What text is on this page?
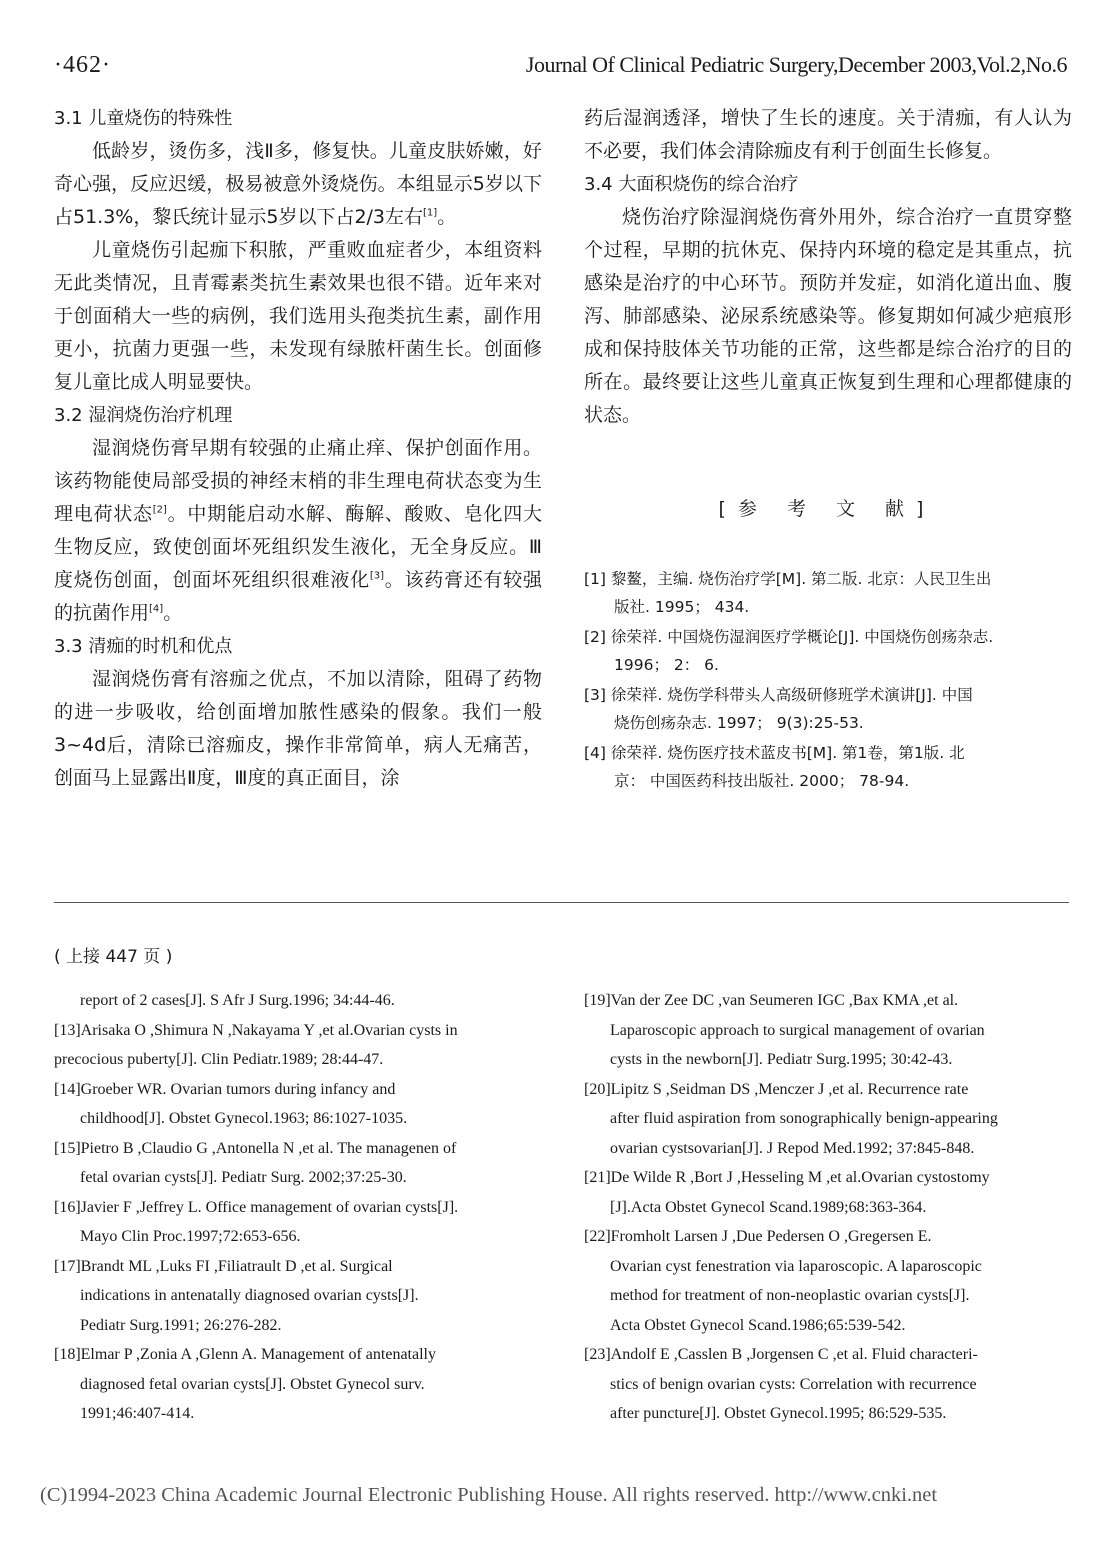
·462·	Journal Of Clinical Pediatric Surgery,December 2003,Vol.2,No.6

3.1 儿童烧伤的特殊性

低龄岁，烫伤多，浅Ⅱ多，修复快。儿童皮肤娇嫩，好奇心强，反应迟缓，极易被意外烫烧伤。本组显示5岁以下占51.3%，黎氏统计显示5岁以下占2/3左右[1]。

儿童烧伤引起痂下积脓，严重败血症者少，本组资料无此类情况，且青霉素类抗生素效果也很不错。近年来对于创面稍大一些的病例，我们选用头孢类抗生素，副作用更小，抗菌力更强一些，未发现有绿脓杆菌生长。创面修复儿童比成人明显要快。

3.2 湿润烧伤治疗机理

湿润烧伤膏早期有较强的止痛止痒、保护创面作用。该药物能使局部受损的神经末梢的非生理电荷状态变为生理电荷状态[2]。中期能启动水解、酶解、酸败、皂化四大生物反应，致使创面坏死组织发生液化，无全身反应。Ⅲ度烧伤创面，创面坏死组织很难液化[3]。该药膏还有较强的抗菌作用[4]。

3.3 清痂的时机和优点

湿润烧伤膏有溶痂之优点，不加以清除，阻碍了药物的进一步吸收，给创面增加脓性感染的假象。我们一般3~4d后，清除已溶痂皮，操作非常简单，病人无痛苦，创面马上显露出Ⅱ度，Ⅲ度的真正面目，涂

药后湿润透泽，增快了生长的速度。关于清痂，有人认为不必要，我们体会清除痂皮有利于创面生长修复。

3.4 大面积烧伤的综合治疗

烧伤治疗除湿润烧伤膏外用外，综合治疗一直贯穿整个过程，早期的抗休克、保持内环境的稳定是其重点，抗感染是治疗的中心环节。预防并发症，如消化道出血、腹泻、肺部感染、泌尿系统感染等。修复期如何减少疤痕形成和保持肢体关节功能的正常，这些都是综合治疗的目的所在。最终要让这些儿童真正恢复到生理和心理都健康的状态。

[参 考 文 献]
[1] 黎鳌，主编. 烧伤治疗学[M]. 第二版. 北京：人民卫生出
版社. 1995； 434.
[2] 徐荣祥. 中国烧伤湿润医疗学概论[J]. 中国烧伤创疡杂志.
1996； 2： 6.
[3] 徐荣祥. 烧伤学科带头人高级研修班学术演讲[J]. 中国
烧伤创疡杂志. 1997； 9(3):25-53.
[4] 徐荣祥. 烧伤医疗技术蓝皮书[M]. 第1卷，第1版. 北
京： 中国医药科技出版社. 2000； 78-94.
( 上接 447 页 )
report of 2 cases[J]. S Afr J Surg.1996; 34:44-46.
[13]Arisaka O ,Shimura N ,Nakayama Y ,et al.Ovarian cysts in
precocious puberty[J]. Clin Pediatr.1989; 28:44-47.
[14]Groeber WR. Ovarian tumors during infancy and
childhood[J]. Obstet Gynecol.1963; 86:1027-1035.
[15]Pietro B ,Claudio G ,Antonella N ,et al. The managenen of
fetal ovarian cysts[J]. Pediatr Surg. 2002;37:25-30.
[16]Javier F ,Jeffrey L. Office management of ovarian cysts[J].
Mayo Clin Proc.1997;72:653-656.
[17]Brandt ML ,Luks FI ,Filiatrault D ,et al. Surgical
indications in antenatally diagnosed ovarian cysts[J].
Pediatr Surg.1991; 26:276-282.
[18]Elmar P ,Zonia A ,Glenn A. Management of antenatally
diagnosed fetal ovarian cysts[J]. Obstet Gynecol surv.
1991;46:407-414.
[19]Van der Zee DC ,van Seumeren IGC ,Bax KMA ,et al.
Laparoscopic approach to surgical management of ovarian
cysts in the newborn[J]. Pediatr Surg.1995; 30:42-43.
[20]Lipitz S ,Seidman DS ,Menczer J ,et al. Recurrence rate
after fluid aspiration from sonographically benign-appearing
ovarian cystsovarian[J]. J Repod Med.1992; 37:845-848.
[21]De Wilde R ,Bort J ,Hesseling M ,et al.Ovarian cystostomy
[J].Acta Obstet Gynecol Scand.1989;68:363-364.
[22]Fromholt Larsen J ,Due Pedersen O ,Gregersen E.
Ovarian cyst fenestration via laparoscopic. A laparoscopic
method for treatment of non-neoplastic ovarian cysts[J].
Acta Obstet Gynecol Scand.1986;65:539-542.
[23]Andolf E ,Casslen B ,Jorgensen C ,et al. Fluid characteri-
stics of benign ovarian cysts: Correlation with recurrence
after puncture[J]. Obstet Gynecol.1995; 86:529-535.
(C)1994-2023 China Academic Journal Electronic Publishing House. All rights reserved. http://www.cnki.net
